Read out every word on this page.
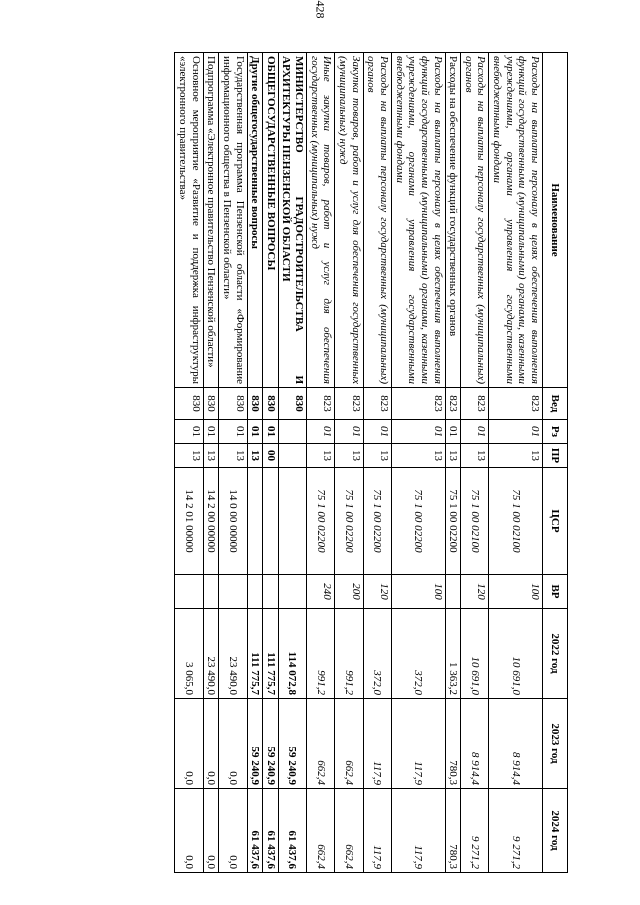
428
Наименование	Вед	Рз	ПР	ЦСР	ВР	2022 год	2023 год	2024 год
Расходы на выплаты персоналу в целях обеспечения выполнения функций государственными (муниципальными) органами, казенными учреждениями, органами управления государственными внебюджетными фондами	823	01	13	75 1 00 02100	100	10 691,0	8 914,4	9 271,2
Расходы на выплаты персоналу государственных (муниципальных) органов	823	01	13	75 1 00 02100	120	10 691,0	8 914,4	9 271,2
Расходы на обеспечение функций государственных органов	823	01	13	75 1 00 02200		1 363,2	780,3	780,3
Расходы на выплаты персоналу в целях обеспечения выполнения функций государственными (муниципальными) органами, казенными учреждениями, органами управления государственными внебюджетными фондами	823	01	13	75 1 00 02200	100	372,0	117,9	117,9
Расходы на выплаты персоналу государственных (муниципальных) органов	823	01	13	75 1 00 02200	120	372,0	117,9	117,9
Закупка товаров, работ и услуг для обеспечения государственных (муниципальных) нужд	823	01	13	75 1 00 02200	200	991,2	662,4	662,4
Иные закупки товаров, работ и услуг для обеспечения государственных (муниципальных) нужд	823	01	13	75 1 00 02200	240	991,2	662,4	662,4
МИНИСТЕРСТВО ГРАДОСТРОИТЕЛЬСТВА И АРХИТЕКТУРЫ ПЕНЗЕНСКОЙ ОБЛАСТИ	830					114 072,8	59 240,9	61 437,6
ОБЩЕГОСУДАРСТВЕННЫЕ ВОПРОСЫ	830	01	00			111 775,7	59 240,9	61 437,6
Другие общегосударственные вопросы	830	01	13			111 775,7	59 240,9	61 437,6
Государственная программа Пензенской области «Формирование информационного общества в Пензенской области»	830	01	13	14 0 00 00000		23 490,0	0,0	0,0
Подпрограмма «Электронное правительство Пензенской области»	830	01	13	14 2 00 00000		23 490,0	0,0	0,0
Основное мероприятие «Развитие и поддержка инфраструктуры «электронного правительства»	830	01	13	14 2 01 00000		3 065,0	0,0	0,0
